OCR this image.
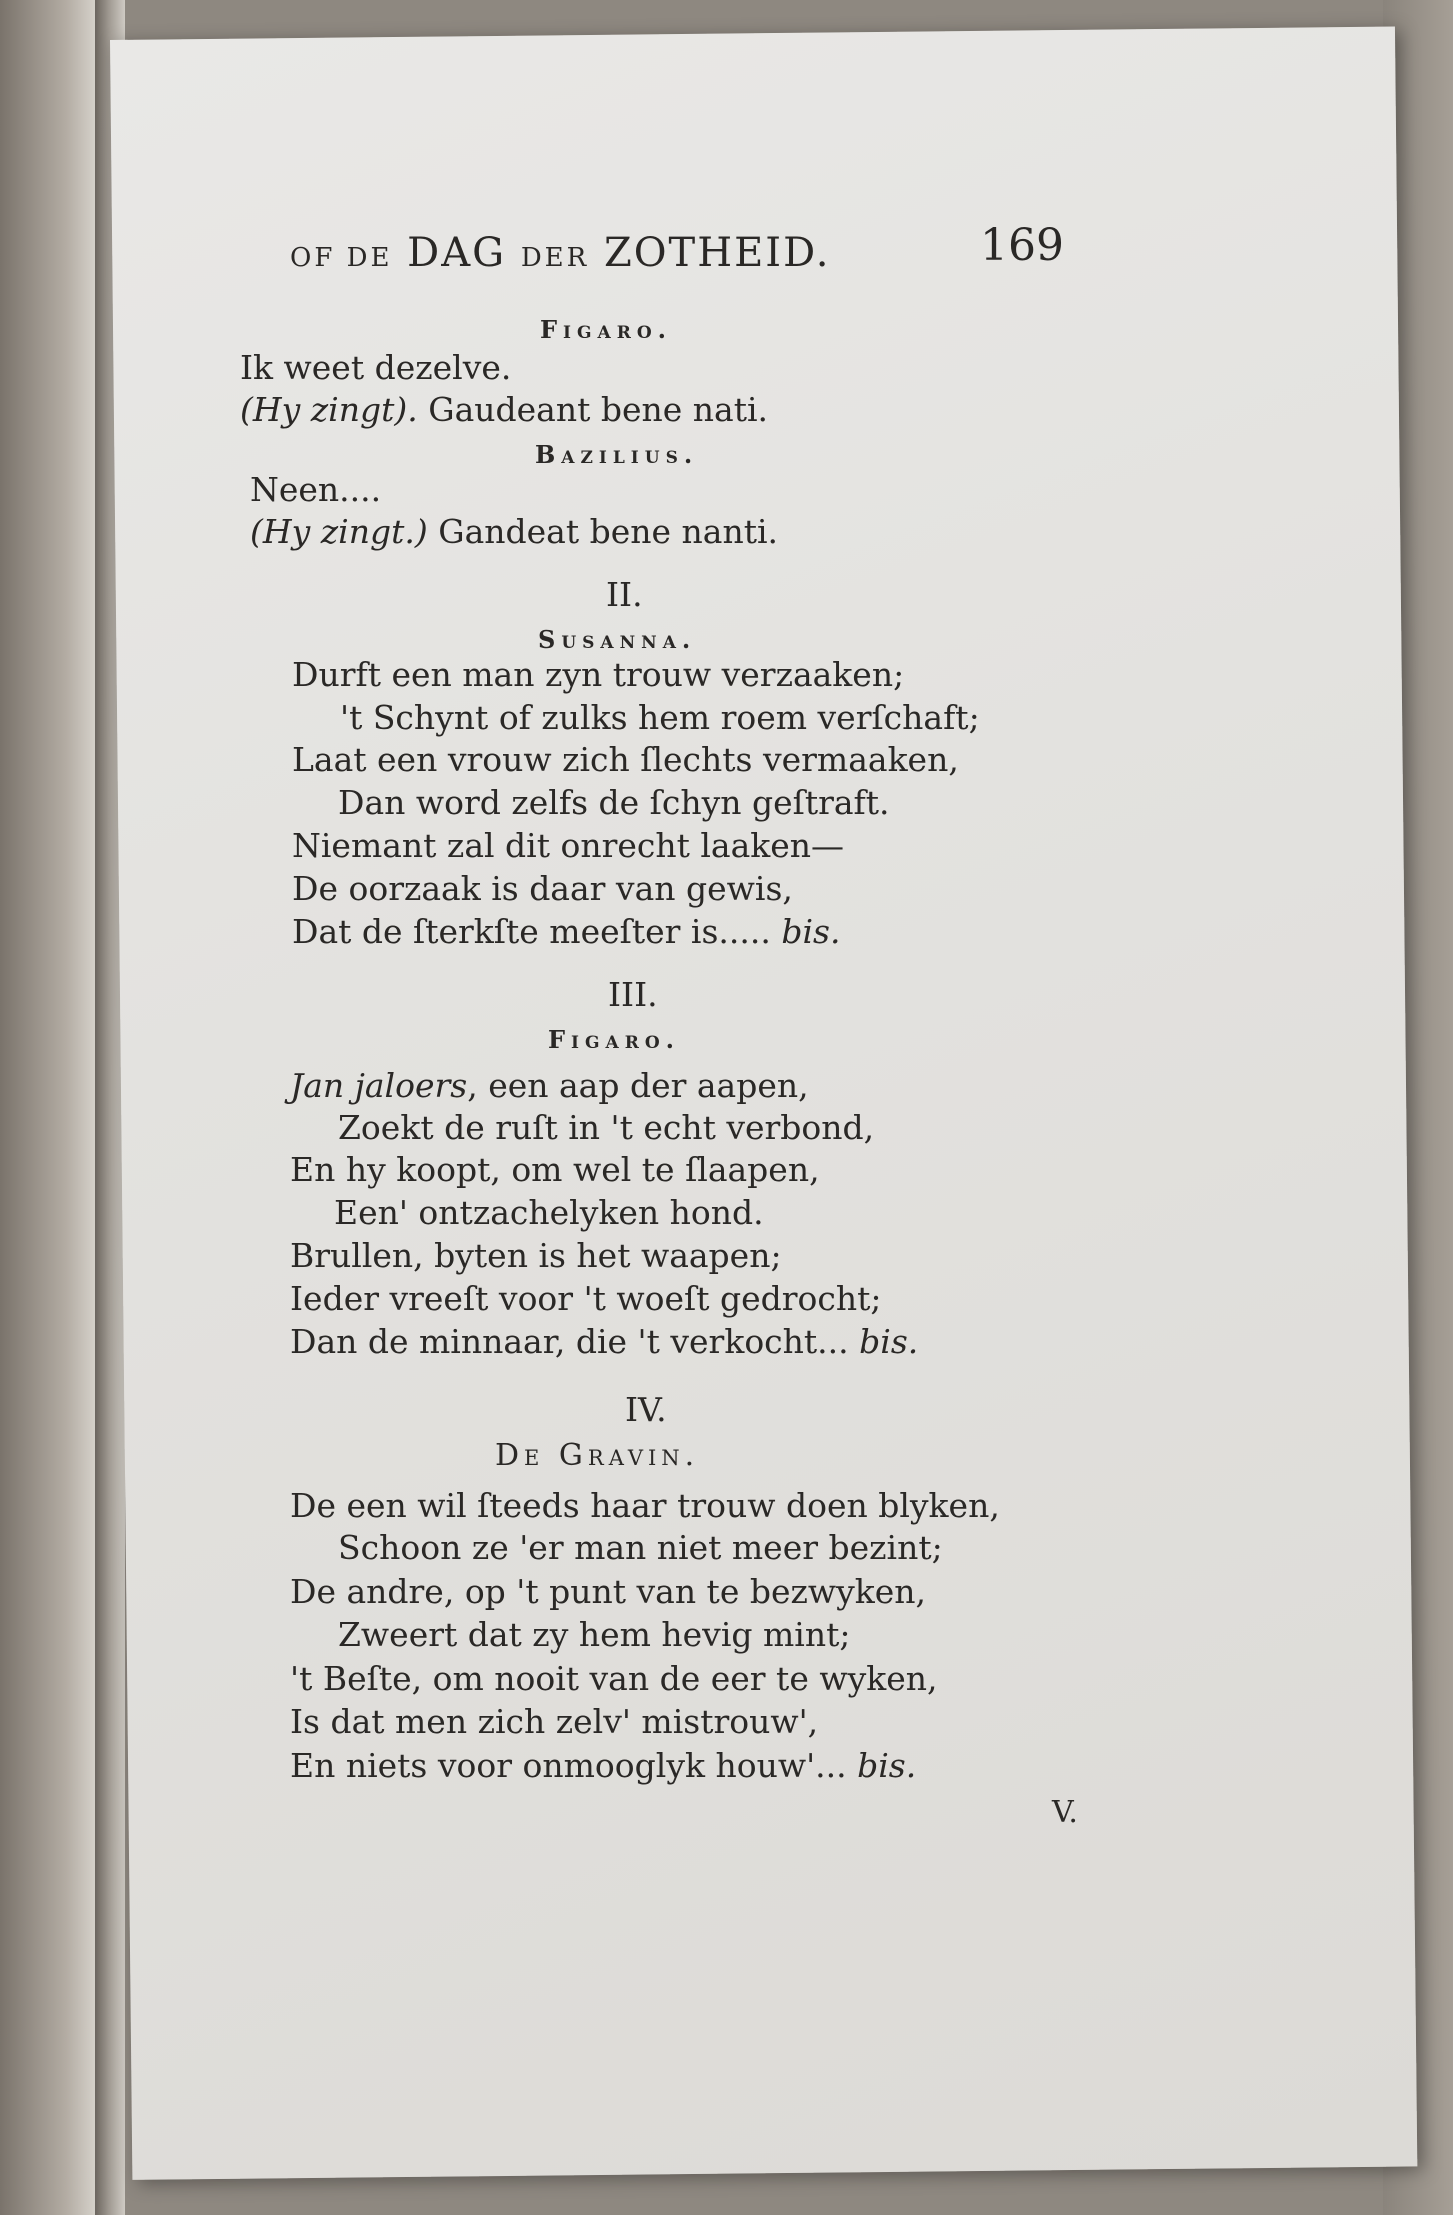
OF DE DAG DER ZOTHEID.	169
Figaro.
Ik weet dezelve.
(Hy zingt). Gaudeant bene nati.
Bazilius.
Neen....
(Hy zingt.) Gandeat bene nanti.
II.
Susanna.
Durft een man zyn trouw verzaaken;
't Schynt of zulks hem roem verſchaft;
Laat een vrouw zich ſlechts vermaaken,
Dan word zelfs de ſchyn geſtraft.
Niemant zal dit onrecht laaken—
De oorzaak is daar van gewis,
Dat de ſterkſte meeſter is..... bis.
III.
Figaro.
Jan jaloers, een aap der aapen,
Zoekt de ruſt in 't echt verbond,
En hy koopt, om wel te ſlaapen,
Een' ontzachelyken hond.
Brullen, byten is het waapen;
Ieder vreeſt voor 't woeſt gedrocht;
Dan de minnaar, die 't verkocht... bis.
IV.
De Gravin.
De een wil ſteeds haar trouw doen blyken,
Schoon ze 'er man niet meer bezint;
De andre, op 't punt van te bezwyken,
Zweert dat zy hem hevig mint;
't Beſte, om nooit van de eer te wyken,
Is dat men zich zelv' mistrouw',
En niets voor onmooglyk houw'... bis.
V.
